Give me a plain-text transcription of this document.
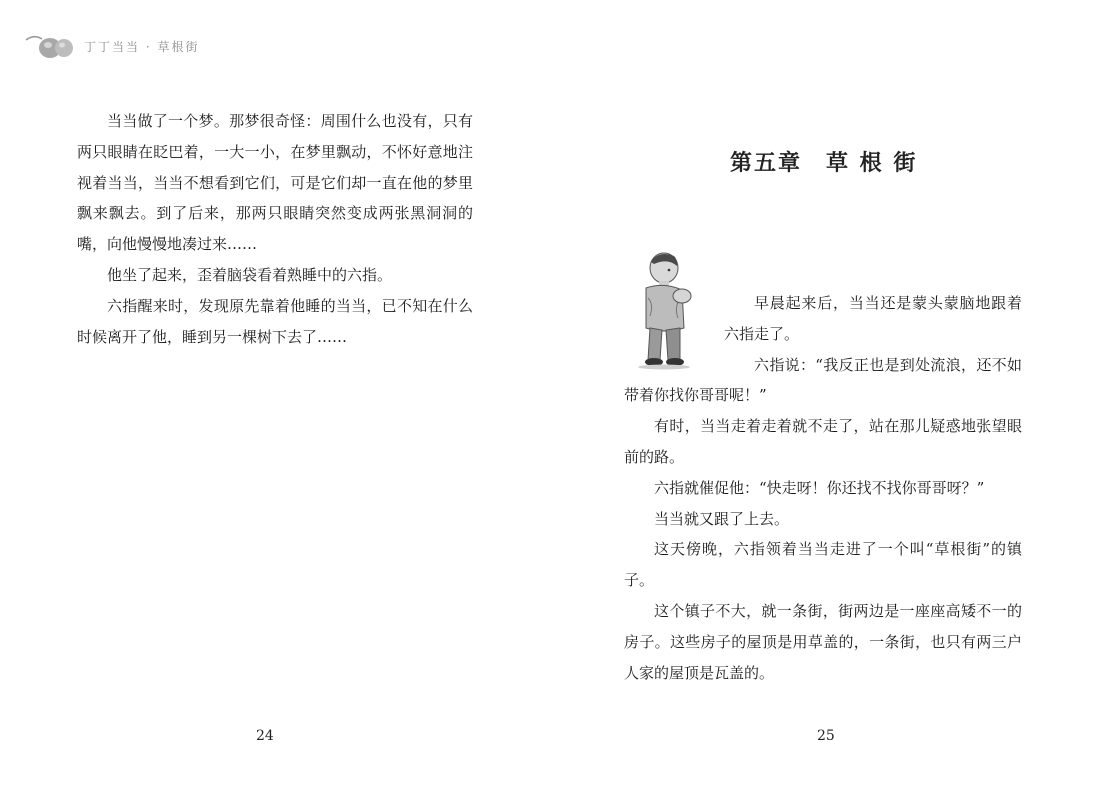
丁丁当当 · 草根街
24

当当做了一个梦。那梦很奇怪：周围什么也没有，只有两只眼睛在眨巴着，一大一小，在梦里飘动，不怀好意地注视着当当，当当不想看到它们，可是它们却一直在他的梦里飘来飘去。到了后来，那两只眼睛突然变成两张黑洞洞的嘴，向他慢慢地凑过来……

他坐了起来，歪着脑袋看着熟睡中的六指。

六指醒来时，发现原先靠着他睡的当当，已不知在什么时候离开了他，睡到另一棵树下去了……

25
第五章　草 根 街

早晨起来后，当当还是蒙头蒙脑地跟着六指走了。

六指说：“我反正也是到处流浪，还不如带着你找你哥哥呢！”

有时，当当走着走着就不走了，站在那儿疑惑地张望眼前的路。

六指就催促他：“快走呀！你还找不找你哥哥呀？”

当当就又跟了上去。

这天傍晚，六指领着当当走进了一个叫“草根街”的镇子。

这个镇子不大，就一条街，街两边是一座座高矮不一的房子。这些房子的屋顶是用草盖的，一条街，也只有两三户人家的屋顶是瓦盖的。
